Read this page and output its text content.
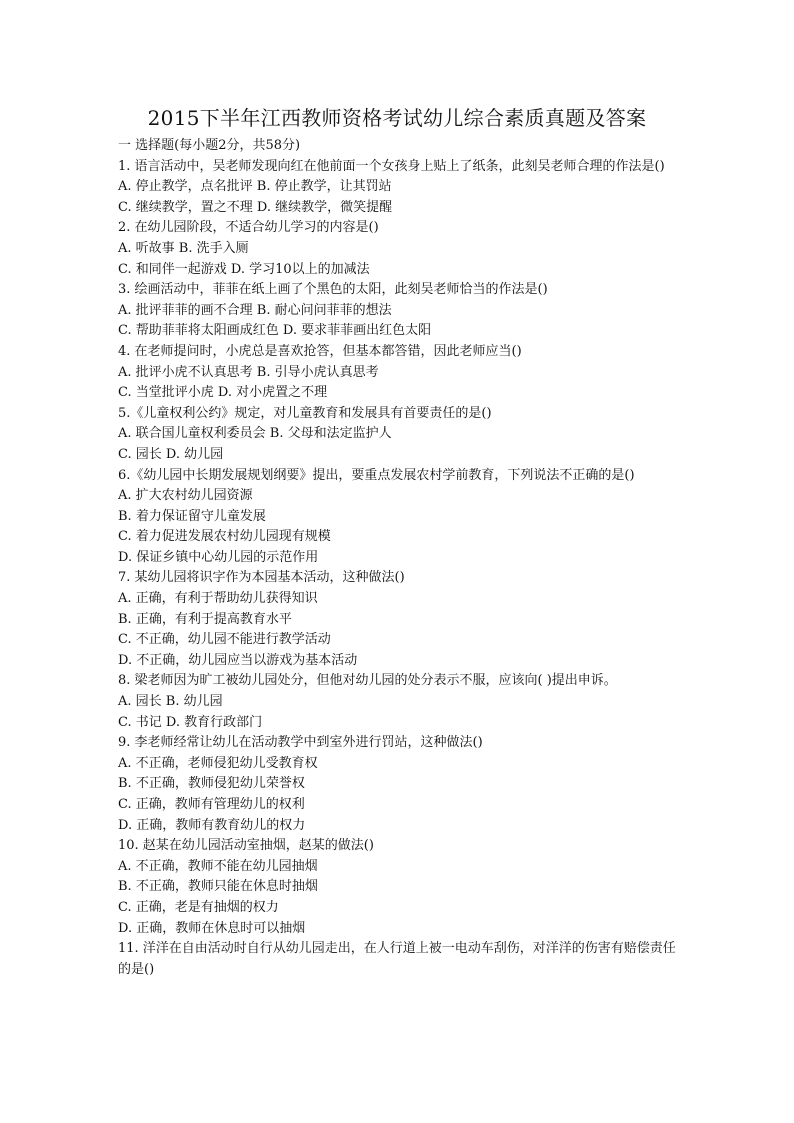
2015下半年江西教师资格考试幼儿综合素质真题及答案
一 选择题(每小题2分，共58分)
1. 语言活动中，吴老师发现向红在他前面一个女孩身上贴上了纸条，此刻吴老师合理的作法是()
A. 停止教学，点名批评 B. 停止教学，让其罚站
C. 继续教学，置之不理 D. 继续教学，微笑提醒
2. 在幼儿园阶段，不适合幼儿学习的内容是()
A. 听故事 B. 洗手入厕
C. 和同伴一起游戏 D. 学习10以上的加减法
3. 绘画活动中，菲菲在纸上画了个黑色的太阳，此刻吴老师恰当的作法是()
A. 批评菲菲的画不合理 B. 耐心问问菲菲的想法
C. 帮助菲菲将太阳画成红色 D. 要求菲菲画出红色太阳
4. 在老师提问时，小虎总是喜欢抢答，但基本都答错，因此老师应当()
A. 批评小虎不认真思考 B. 引导小虎认真思考
C. 当堂批评小虎 D. 对小虎置之不理
5.《儿童权利公约》规定，对儿童教育和发展具有首要责任的是()
A. 联合国儿童权利委员会 B. 父母和法定监护人
C. 园长 D. 幼儿园
6.《幼儿园中长期发展规划纲要》提出，要重点发展农村学前教育，下列说法不正确的是()
A. 扩大农村幼儿园资源
B. 着力保证留守儿童发展
C. 着力促进发展农村幼儿园现有规模
D. 保证乡镇中心幼儿园的示范作用
7. 某幼儿园将识字作为本园基本活动，这种做法()
A. 正确，有利于帮助幼儿获得知识
B. 正确，有利于提高教育水平
C. 不正确，幼儿园不能进行教学活动
D. 不正确，幼儿园应当以游戏为基本活动
8. 梁老师因为旷工被幼儿园处分，但他对幼儿园的处分表示不服，应该向( )提出申诉。
A. 园长 B. 幼儿园
C. 书记 D. 教育行政部门
9. 李老师经常让幼儿在活动教学中到室外进行罚站，这种做法()
A. 不正确，老师侵犯幼儿受教育权
B. 不正确，教师侵犯幼儿荣誉权
C. 正确，教师有管理幼儿的权利
D. 正确，教师有教育幼儿的权力
10. 赵某在幼儿园活动室抽烟，赵某的做法()
A. 不正确，教师不能在幼儿园抽烟
B. 不正确，教师只能在休息时抽烟
C. 正确，老是有抽烟的权力
D. 正确，教师在休息时可以抽烟
11. 洋洋在自由活动时自行从幼儿园走出，在人行道上被一电动车刮伤，对洋洋的伤害有赔偿责任的是()
